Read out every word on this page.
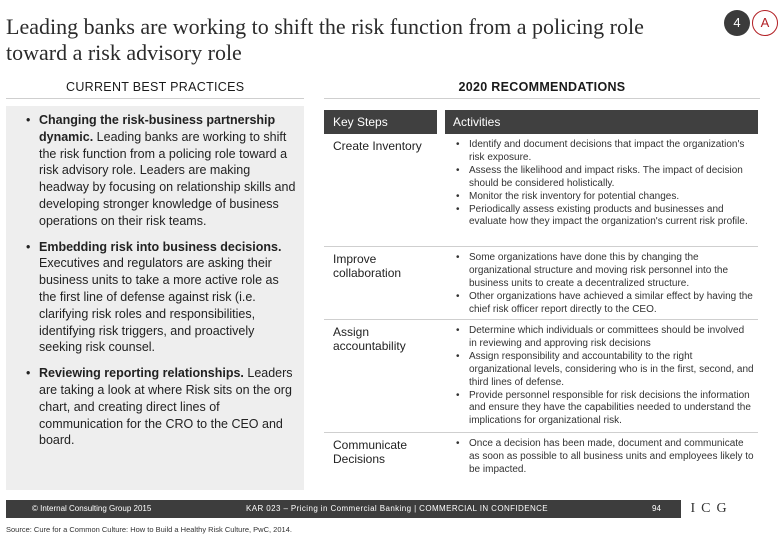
Leading banks are working to shift the risk function from a policing role toward a risk advisory role
4	A
CURRENT BEST PRACTICES	2020 RECOMMENDATIONS
• Changing the risk-business partnership dynamic. Leading banks are working to shift the risk function from a policing role toward a risk advisory role. Leaders are making headway by focusing on relationship skills and developing stronger knowledge of business operations on their risk teams.
• Embedding risk into business decisions. Executives and regulators are asking their business units to take a more active role as the first line of defense against risk (i.e. clarifying risk roles and responsibilities, identifying risk triggers, and proactively seeking risk counsel.
• Reviewing reporting relationships. Leaders are taking a look at where Risk sits on the org chart, and creating direct lines of communication for the CRO to the CEO and board.
Key Steps	Activities
Create Inventory
•	Identify and document decisions that impact the organization's risk exposure.
• Assess the likelihood and impact risks. The impact of decision should be considered holistically.
• Monitor the risk inventory for potential changes.
• Periodically assess existing products and businesses and evaluate how they impact the organization's current risk profile.
Improve collaboration
• Some organizations have done this by changing the organizational structure and moving risk personnel into the business units to create a decentralized structure.
• Other organizations have achieved a similar effect by having the chief risk officer report directly to the CEO.
Assign accountability
• Determine which individuals or committees should be involved in reviewing and approving risk decisions
• Assign responsibility and accountability to the right organizational levels, considering who is in the first, second, and third lines of defense.
• Provide personnel responsible for risk decisions the information and ensure they have the capabilities needed to understand the implications for organizational risk.
Communicate Decisions
• Once a decision has been made, document and communicate as soon as possible to all business units and employees likely to be impacted.
© Internal Consulting Group 2015	KAR 023 – Pricing in Commercial Banking | COMMERCIAL IN CONFIDENCE	94	ICG
Source: Cure for a Common Culture: How to Build a Healthy Risk Culture, PwC, 2014.
